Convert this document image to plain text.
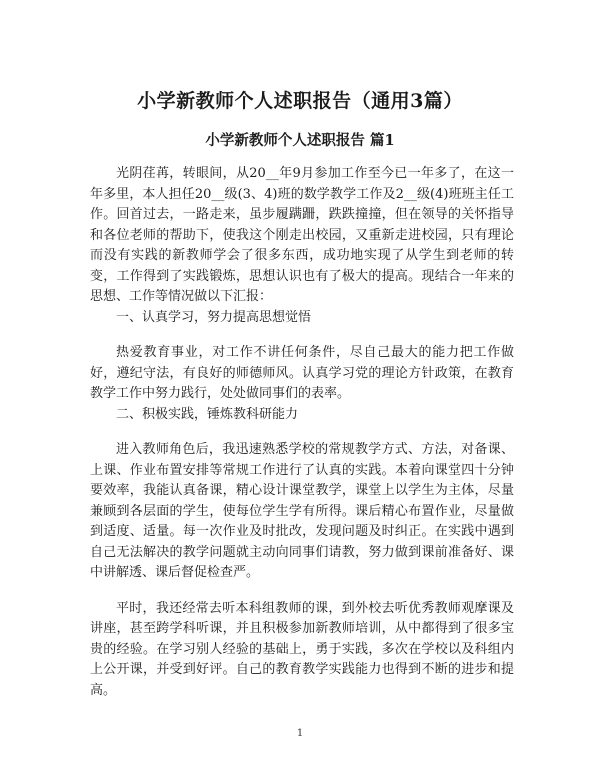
小学新教师个人述职报告（通用3篇）
小学新教师个人述职报告 篇1

光阴荏苒，转眼间，从20__年9月参加工作至今已一年多了，在这一年多里，本人担任20__级(3、4)班的数学教学工作及2__级(4)班班主任工作。回首过去，一路走来，虽步履蹒跚，跌跌撞撞，但在领导的关怀指导和各位老师的帮助下，使我这个刚走出校园，又重新走进校园，只有理论而没有实践的新教师学会了很多东西，成功地实现了从学生到老师的转变，工作得到了实践锻炼，思想认识也有了极大的提高。现结合一年来的思想、工作等情况做以下汇报：

一、认真学习，努力提高思想觉悟

热爱教育事业，对工作不讲任何条件，尽自己最大的能力把工作做好，遵纪守法，有良好的师德师风。认真学习党的理论方针政策，在教育教学工作中努力践行，处处做同事们的表率。

二、积极实践，锤炼教科研能力

进入教师角色后，我迅速熟悉学校的常规教学方式、方法，对备课、上课、作业布置安排等常规工作进行了认真的实践。本着向课堂四十分钟要效率，我能认真备课，精心设计课堂教学，课堂上以学生为主体，尽量兼顾到各层面的学生，使每位学生学有所得。课后精心布置作业，尽量做到适度、适量。每一次作业及时批改，发现问题及时纠正。在实践中遇到自己无法解决的教学问题就主动向同事们请教，努力做到课前准备好、课中讲解透、课后督促检查严。

平时，我还经常去听本科组教师的课，到外校去听优秀教师观摩课及讲座，甚至跨学科听课，并且积极参加新教师培训，从中都得到了很多宝贵的经验。在学习别人经验的基础上，勇于实践，多次在学校以及科组内上公开课，并受到好评。自己的教育教学实践能力也得到不断的进步和提高。

1
